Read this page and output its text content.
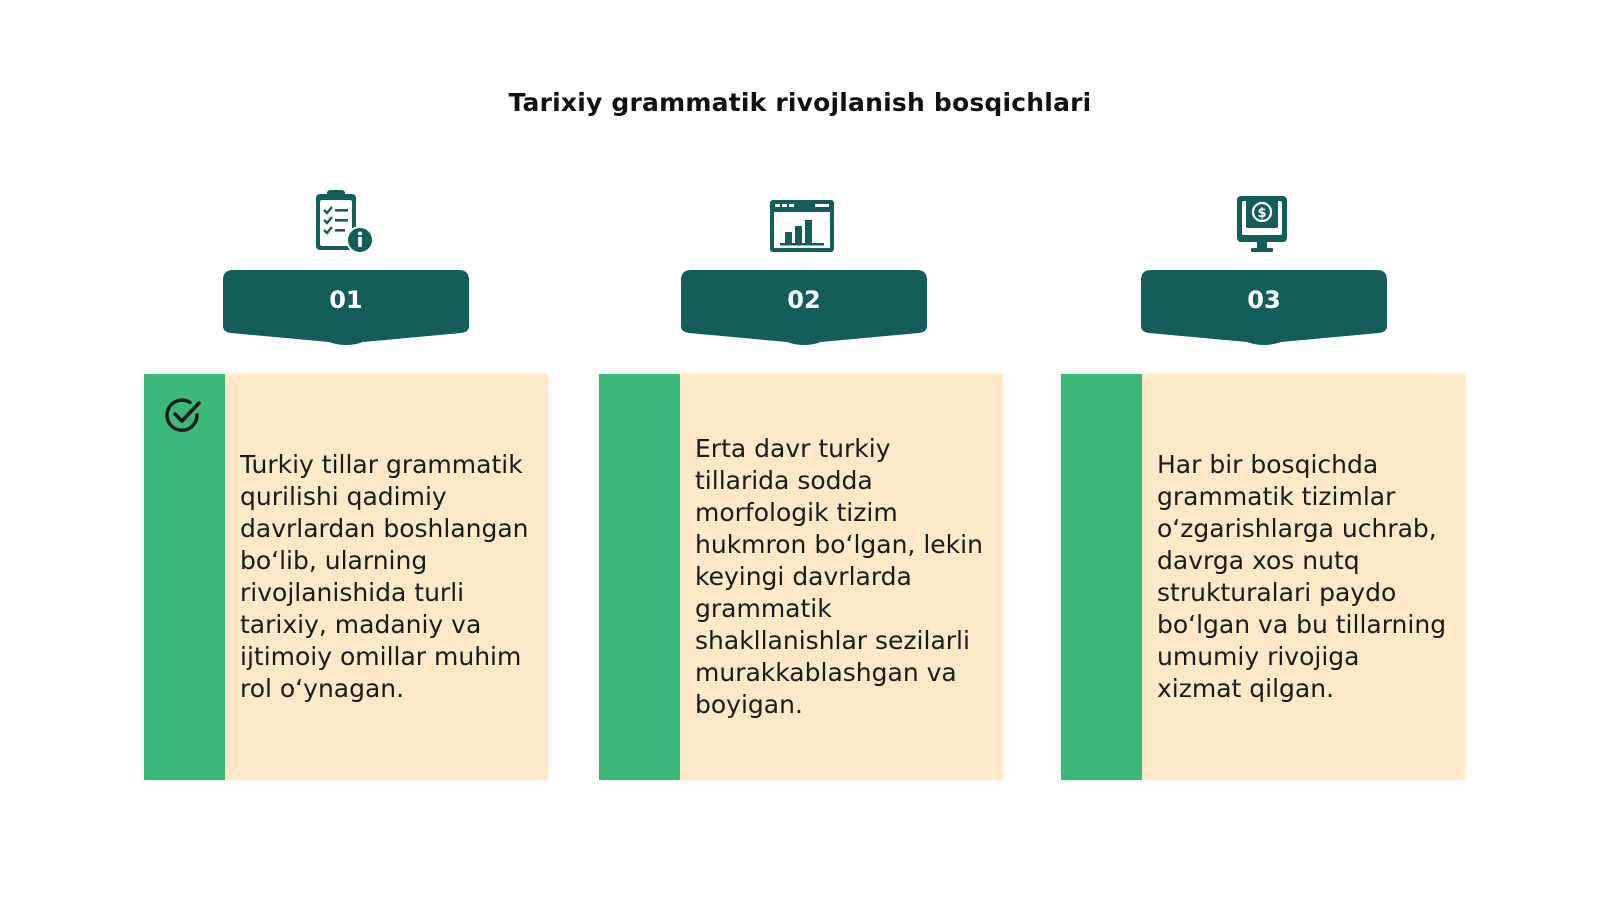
Tarixiy grammatik rivojlanish bosqichlari
01
Turkiy tillar grammatik qurilishi qadimiy davrlardan boshlangan bo‘lib, ularning rivojlanishida turli tarixiy, madaniy va ijtimoiy omillar muhim rol o‘ynagan.
02
Erta davr turkiy tillarida sodda morfologik tizim hukmron bo‘lgan, lekin keyingi davrlarda grammatik shakllanishlar sezilarli murakkablashgan va boyigan.
$
03
Har bir bosqichda grammatik tizimlar o‘zgarishlarga uchrab, davrga xos nutq strukturalari paydo bo‘lgan va bu tillarning umumiy rivojiga xizmat qilgan.
